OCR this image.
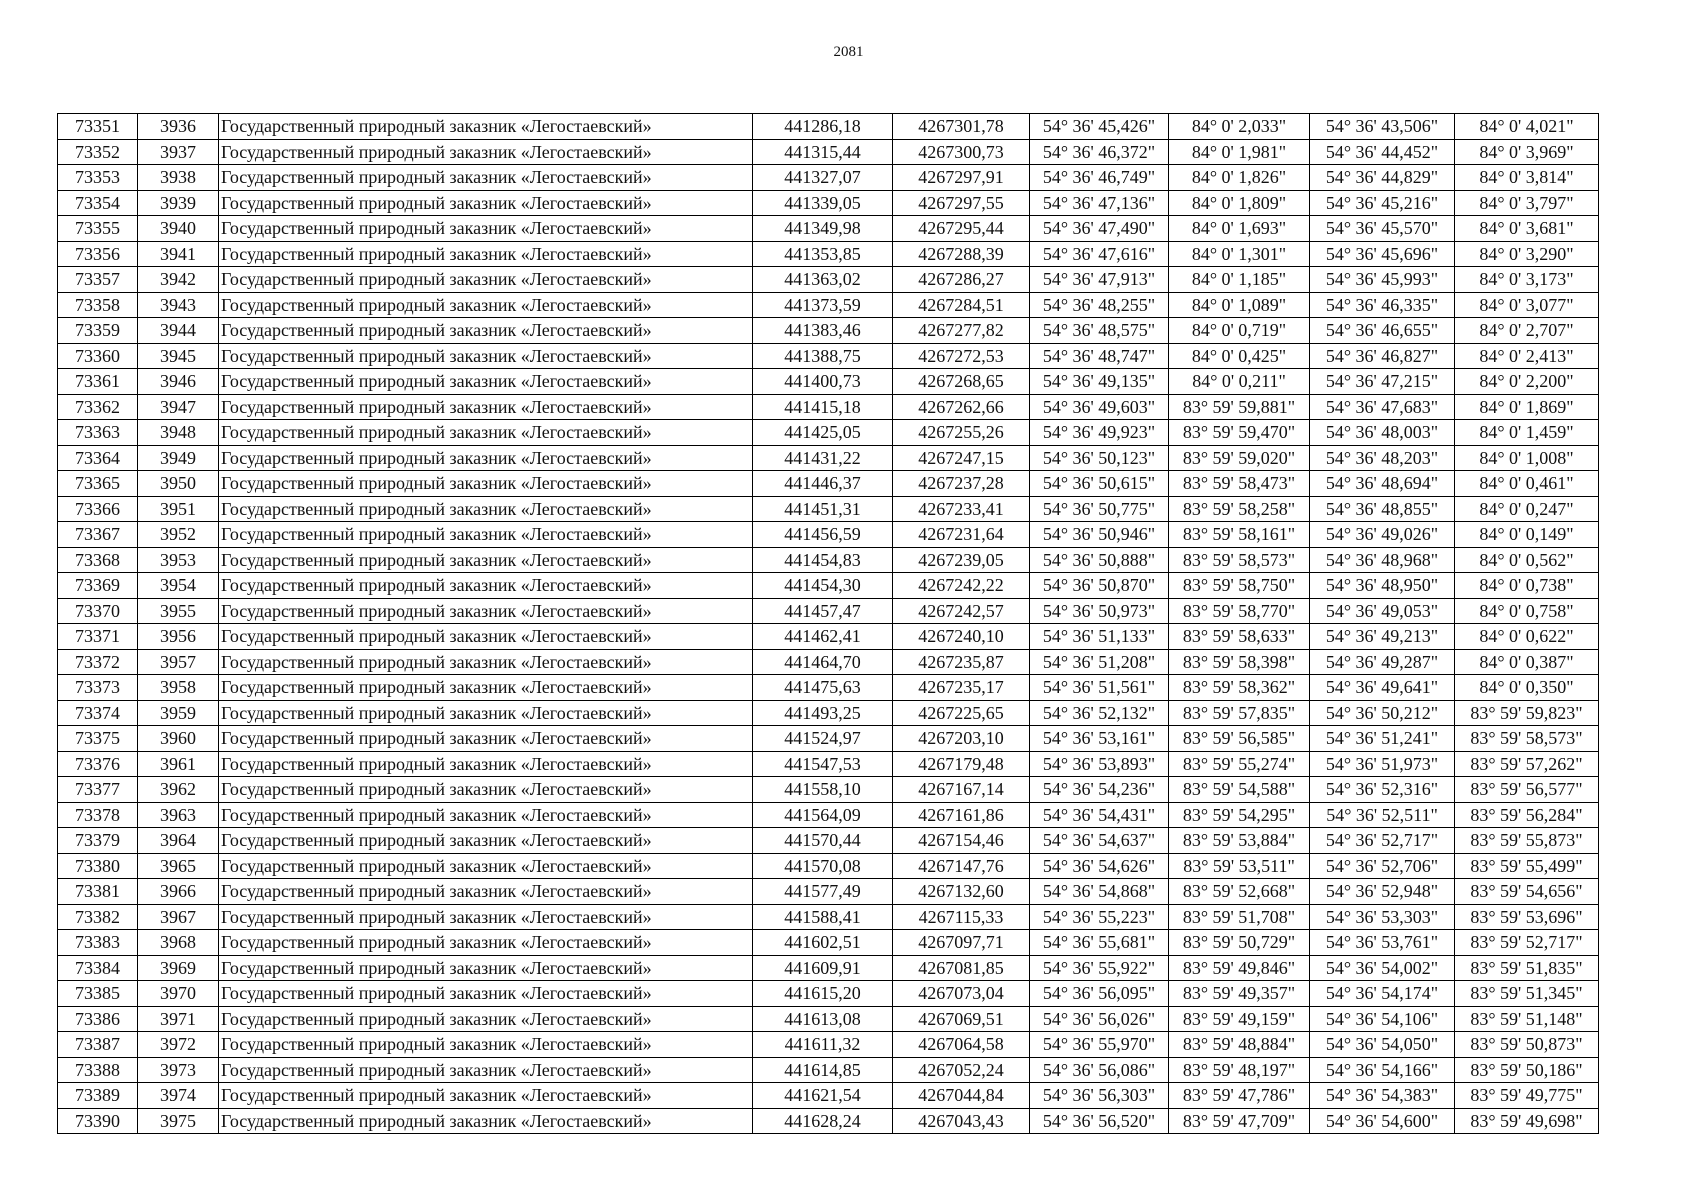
2081
73351	3936	Государственный природный заказник «Легостаевский»	441286,18	4267301,78	54° 36' 45,426"	84° 0' 2,033"	54° 36' 43,506"	84° 0' 4,021"
73352	3937	Государственный природный заказник «Легостаевский»	441315,44	4267300,73	54° 36' 46,372"	84° 0' 1,981"	54° 36' 44,452"	84° 0' 3,969"
73353	3938	Государственный природный заказник «Легостаевский»	441327,07	4267297,91	54° 36' 46,749"	84° 0' 1,826"	54° 36' 44,829"	84° 0' 3,814"
73354	3939	Государственный природный заказник «Легостаевский»	441339,05	4267297,55	54° 36' 47,136"	84° 0' 1,809"	54° 36' 45,216"	84° 0' 3,797"
73355	3940	Государственный природный заказник «Легостаевский»	441349,98	4267295,44	54° 36' 47,490"	84° 0' 1,693"	54° 36' 45,570"	84° 0' 3,681"
73356	3941	Государственный природный заказник «Легостаевский»	441353,85	4267288,39	54° 36' 47,616"	84° 0' 1,301"	54° 36' 45,696"	84° 0' 3,290"
73357	3942	Государственный природный заказник «Легостаевский»	441363,02	4267286,27	54° 36' 47,913"	84° 0' 1,185"	54° 36' 45,993"	84° 0' 3,173"
73358	3943	Государственный природный заказник «Легостаевский»	441373,59	4267284,51	54° 36' 48,255"	84° 0' 1,089"	54° 36' 46,335"	84° 0' 3,077"
73359	3944	Государственный природный заказник «Легостаевский»	441383,46	4267277,82	54° 36' 48,575"	84° 0' 0,719"	54° 36' 46,655"	84° 0' 2,707"
73360	3945	Государственный природный заказник «Легостаевский»	441388,75	4267272,53	54° 36' 48,747"	84° 0' 0,425"	54° 36' 46,827"	84° 0' 2,413"
73361	3946	Государственный природный заказник «Легостаевский»	441400,73	4267268,65	54° 36' 49,135"	84° 0' 0,211"	54° 36' 47,215"	84° 0' 2,200"
73362	3947	Государственный природный заказник «Легостаевский»	441415,18	4267262,66	54° 36' 49,603"	83° 59' 59,881"	54° 36' 47,683"	84° 0' 1,869"
73363	3948	Государственный природный заказник «Легостаевский»	441425,05	4267255,26	54° 36' 49,923"	83° 59' 59,470"	54° 36' 48,003"	84° 0' 1,459"
73364	3949	Государственный природный заказник «Легостаевский»	441431,22	4267247,15	54° 36' 50,123"	83° 59' 59,020"	54° 36' 48,203"	84° 0' 1,008"
73365	3950	Государственный природный заказник «Легостаевский»	441446,37	4267237,28	54° 36' 50,615"	83° 59' 58,473"	54° 36' 48,694"	84° 0' 0,461"
73366	3951	Государственный природный заказник «Легостаевский»	441451,31	4267233,41	54° 36' 50,775"	83° 59' 58,258"	54° 36' 48,855"	84° 0' 0,247"
73367	3952	Государственный природный заказник «Легостаевский»	441456,59	4267231,64	54° 36' 50,946"	83° 59' 58,161"	54° 36' 49,026"	84° 0' 0,149"
73368	3953	Государственный природный заказник «Легостаевский»	441454,83	4267239,05	54° 36' 50,888"	83° 59' 58,573"	54° 36' 48,968"	84° 0' 0,562"
73369	3954	Государственный природный заказник «Легостаевский»	441454,30	4267242,22	54° 36' 50,870"	83° 59' 58,750"	54° 36' 48,950"	84° 0' 0,738"
73370	3955	Государственный природный заказник «Легостаевский»	441457,47	4267242,57	54° 36' 50,973"	83° 59' 58,770"	54° 36' 49,053"	84° 0' 0,758"
73371	3956	Государственный природный заказник «Легостаевский»	441462,41	4267240,10	54° 36' 51,133"	83° 59' 58,633"	54° 36' 49,213"	84° 0' 0,622"
73372	3957	Государственный природный заказник «Легостаевский»	441464,70	4267235,87	54° 36' 51,208"	83° 59' 58,398"	54° 36' 49,287"	84° 0' 0,387"
73373	3958	Государственный природный заказник «Легостаевский»	441475,63	4267235,17	54° 36' 51,561"	83° 59' 58,362"	54° 36' 49,641"	84° 0' 0,350"
73374	3959	Государственный природный заказник «Легостаевский»	441493,25	4267225,65	54° 36' 52,132"	83° 59' 57,835"	54° 36' 50,212"	83° 59' 59,823"
73375	3960	Государственный природный заказник «Легостаевский»	441524,97	4267203,10	54° 36' 53,161"	83° 59' 56,585"	54° 36' 51,241"	83° 59' 58,573"
73376	3961	Государственный природный заказник «Легостаевский»	441547,53	4267179,48	54° 36' 53,893"	83° 59' 55,274"	54° 36' 51,973"	83° 59' 57,262"
73377	3962	Государственный природный заказник «Легостаевский»	441558,10	4267167,14	54° 36' 54,236"	83° 59' 54,588"	54° 36' 52,316"	83° 59' 56,577"
73378	3963	Государственный природный заказник «Легостаевский»	441564,09	4267161,86	54° 36' 54,431"	83° 59' 54,295"	54° 36' 52,511"	83° 59' 56,284"
73379	3964	Государственный природный заказник «Легостаевский»	441570,44	4267154,46	54° 36' 54,637"	83° 59' 53,884"	54° 36' 52,717"	83° 59' 55,873"
73380	3965	Государственный природный заказник «Легостаевский»	441570,08	4267147,76	54° 36' 54,626"	83° 59' 53,511"	54° 36' 52,706"	83° 59' 55,499"
73381	3966	Государственный природный заказник «Легостаевский»	441577,49	4267132,60	54° 36' 54,868"	83° 59' 52,668"	54° 36' 52,948"	83° 59' 54,656"
73382	3967	Государственный природный заказник «Легостаевский»	441588,41	4267115,33	54° 36' 55,223"	83° 59' 51,708"	54° 36' 53,303"	83° 59' 53,696"
73383	3968	Государственный природный заказник «Легостаевский»	441602,51	4267097,71	54° 36' 55,681"	83° 59' 50,729"	54° 36' 53,761"	83° 59' 52,717"
73384	3969	Государственный природный заказник «Легостаевский»	441609,91	4267081,85	54° 36' 55,922"	83° 59' 49,846"	54° 36' 54,002"	83° 59' 51,835"
73385	3970	Государственный природный заказник «Легостаевский»	441615,20	4267073,04	54° 36' 56,095"	83° 59' 49,357"	54° 36' 54,174"	83° 59' 51,345"
73386	3971	Государственный природный заказник «Легостаевский»	441613,08	4267069,51	54° 36' 56,026"	83° 59' 49,159"	54° 36' 54,106"	83° 59' 51,148"
73387	3972	Государственный природный заказник «Легостаевский»	441611,32	4267064,58	54° 36' 55,970"	83° 59' 48,884"	54° 36' 54,050"	83° 59' 50,873"
73388	3973	Государственный природный заказник «Легостаевский»	441614,85	4267052,24	54° 36' 56,086"	83° 59' 48,197"	54° 36' 54,166"	83° 59' 50,186"
73389	3974	Государственный природный заказник «Легостаевский»	441621,54	4267044,84	54° 36' 56,303"	83° 59' 47,786"	54° 36' 54,383"	83° 59' 49,775"
73390	3975	Государственный природный заказник «Легостаевский»	441628,24	4267043,43	54° 36' 56,520"	83° 59' 47,709"	54° 36' 54,600"	83° 59' 49,698"
